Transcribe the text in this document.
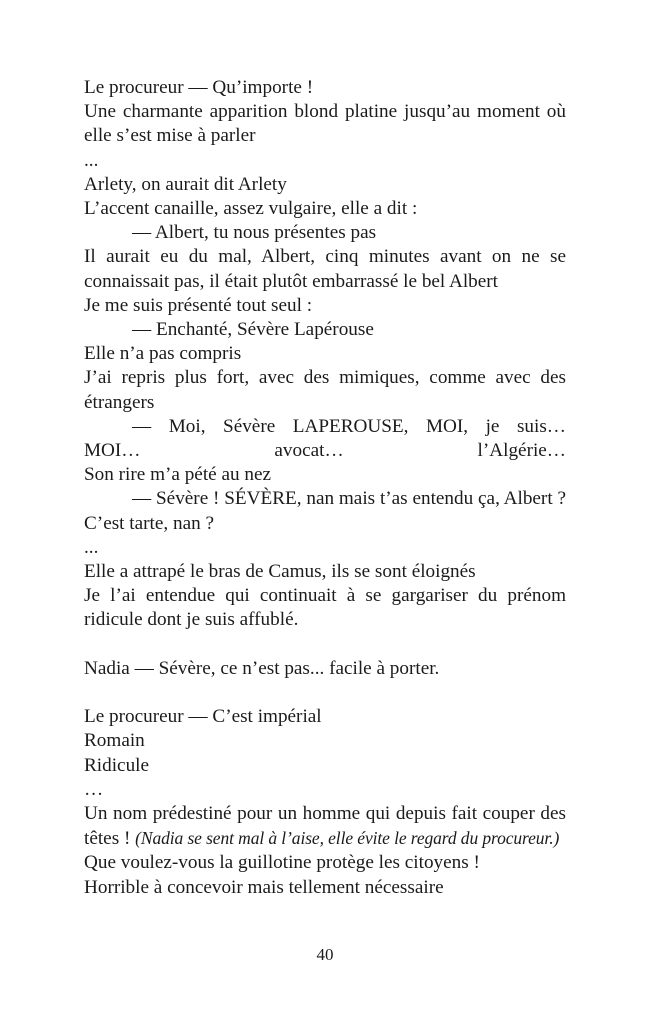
Le procureur — Qu’importe !
Une charmante apparition blond platine jusqu’au moment où elle s’est mise à parler
...
Arlety, on aurait dit Arlety
L’accent canaille, assez vulgaire, elle a dit :
— Albert, tu nous présentes pas
Il aurait eu du mal, Albert, cinq minutes avant on ne se connaissait pas, il était plutôt embarrassé le bel Albert
Je me suis présenté tout seul :
— Enchanté, Sévère Lapérouse
Elle n’a pas compris
J’ai repris plus fort, avec des mimiques, comme avec des étrangers
— Moi, Sévère LAPEROUSE, MOI, je suis…
MOI… avocat… l’Algérie…
Son rire m’a pété au nez
— Sévère ! SÉVÈRE, nan mais t’as entendu ça, Albert ? C’est tarte, nan ?
...
Elle a attrapé le bras de Camus, ils se sont éloignés
Je l’ai entendue qui continuait à se gargariser du prénom ridicule dont je suis affublé.
Nadia — Sévère, ce n’est pas... facile à porter.
Le procureur — C’est impérial
Romain
Ridicule
…
Un nom prédestiné pour un homme qui depuis fait couper des têtes ! (Nadia se sent mal à l’aise, elle évite le regard du procureur.)
Que voulez-vous la guillotine protège les citoyens !
Horrible à concevoir mais tellement nécessaire
40
